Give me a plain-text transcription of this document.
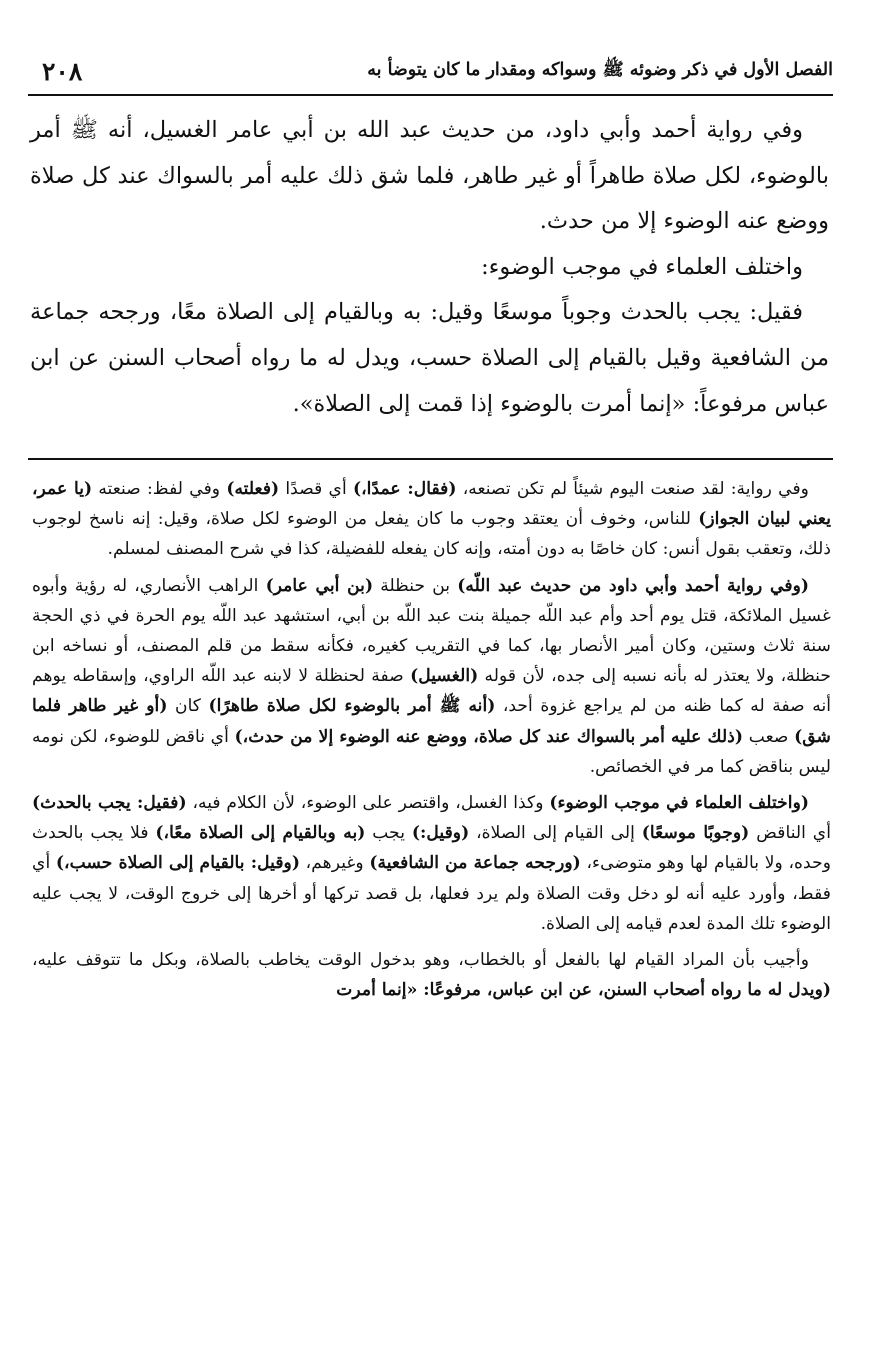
الفصل الأول في ذكر وضوئه ﷺ وسواكه ومقدار ما كان يتوضأ به
٢٠٨

وفي رواية أحمد وأبي داود، من حديث عبد الله بن أبي عامر الغسيل، أنه ﷺ أمر بالوضوء، لكل صلاة طاهراً أو غير طاهر، فلما شق ذلك عليه أمر بالسواك عند كل صلاة ووضع عنه الوضوء إلا من حدث.

واختلف العلماء في موجب الوضوء:

فقيل: يجب بالحدث وجوباً موسعًا وقيل: به وبالقيام إلى الصلاة معًا، ورجحه جماعة من الشافعية وقيل بالقيام إلى الصلاة حسب، ويدل له ما رواه أصحاب السنن عن ابن عباس مرفوعاً: «إنما أمرت بالوضوء إذا قمت إلى الصلاة».

وفي رواية: لقد صنعت اليوم شيئاً لم تكن تصنعه، (فقال: عمدًا،) أي قصدًا (فعلته) وفي لفظ: صنعته (يا عمر، يعني لبيان الجواز) للناس، وخوف أن يعتقد وجوب ما كان يفعل من الوضوء لكل صلاة، وقيل: إنه ناسخ لوجوب ذلك، وتعقب بقول أنس: كان خاصًا به دون أمته، وإنه كان يفعله للفضيلة، كذا في شرح المصنف لمسلم.

(وفي رواية أحمد وأبي داود من حديث عبد اللّه) بن حنظلة (بن أبي عامر) الراهب الأنصاري، له رؤية وأبوه غسيل الملائكة، قتل يوم أحد وأم عبد اللّه جميلة بنت عبد اللّه بن أبي، استشهد عبد اللّه يوم الحرة في ذي الحجة سنة ثلاث وستين، وكان أمير الأنصار بها، كما في التقريب كغيره، فكأنه سقط من قلم المصنف، أو نساخه ابن حنظلة، ولا يعتذر له بأنه نسبه إلى جده، لأن قوله (الغسيل) صفة لحنظلة لا لابنه عبد اللّه الراوي، وإسقاطه يوهم أنه صفة له كما ظنه من لم يراجع غزوة أحد، (أنه ﷺ أمر بالوضوء لكل صلاة طاهرًا) كان (أو غير طاهر فلما شق) صعب (ذلك عليه أمر بالسواك عند كل صلاة، ووضع عنه الوضوء إلا من حدث،) أي ناقض للوضوء، لكن نومه ليس بناقض كما مر في الخصائص.

(واختلف العلماء في موجب الوضوء) وكذا الغسل، واقتصر على الوضوء، لأن الكلام فيه، (فقيل: يجب بالحدث) أي الناقض (وجوبًا موسعًا) إلى القيام إلى الصلاة، (وقيل:) يجب (به وبالقيام إلى الصلاة معًا،) فلا يجب بالحدث وحده، ولا بالقيام لها وهو متوضىء، (ورجحه جماعة من الشافعية) وغيرهم، (وقيل: بالقيام إلى الصلاة حسب،) أي فقط، وأورد عليه أنه لو دخل وقت الصلاة ولم يرد فعلها، بل قصد تركها أو أخرها إلى خروج الوقت، لا يجب عليه الوضوء تلك المدة لعدم قيامه إلى الصلاة.

وأجيب بأن المراد القيام لها بالفعل أو بالخطاب، وهو بدخول الوقت يخاطب بالصلاة، وبكل ما تتوقف عليه، (ويدل له ما رواه أصحاب السنن، عن ابن عباس، مرفوعًا: «إنما أمرت
